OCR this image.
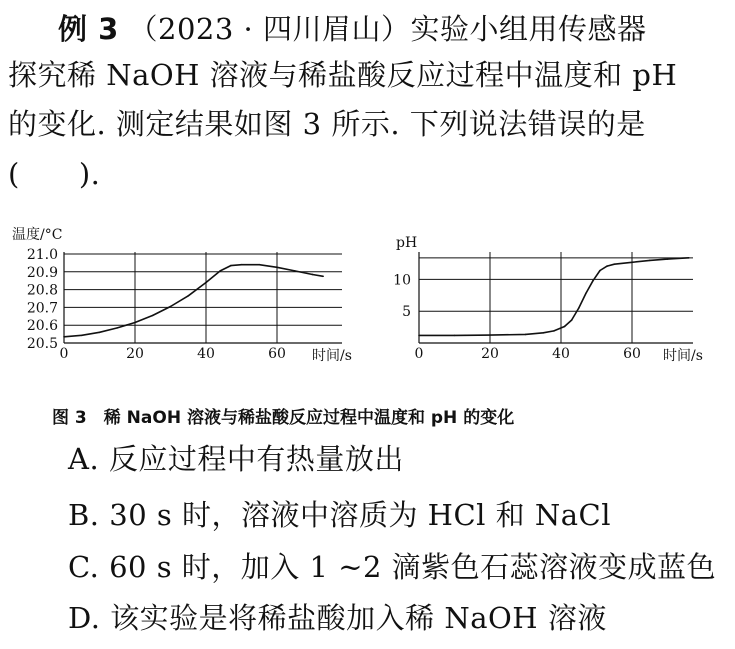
例 3 （2023 · 四川眉山）实验小组用传感器
探究稀 NaOH 溶液与稀盐酸反应过程中温度和 pH
的变化. 测定结果如图 3 所示. 下列说法错误的是
(　　).
21.0
20.9
20.8
20.7
20.6
20.5
0	20	40	60
温度/°C
时间/s
10
5
0	20	40	60
pH
时间/s
图 3　稀 NaOH 溶液与稀盐酸反应过程中温度和 pH 的变化
A. 反应过程中有热量放出
B. 30 s 时，溶液中溶质为 HCl 和 NaCl
C. 60 s 时，加入 1 ~2 滴紫色石蕊溶液变成蓝色
D. 该实验是将稀盐酸加入稀 NaOH 溶液
